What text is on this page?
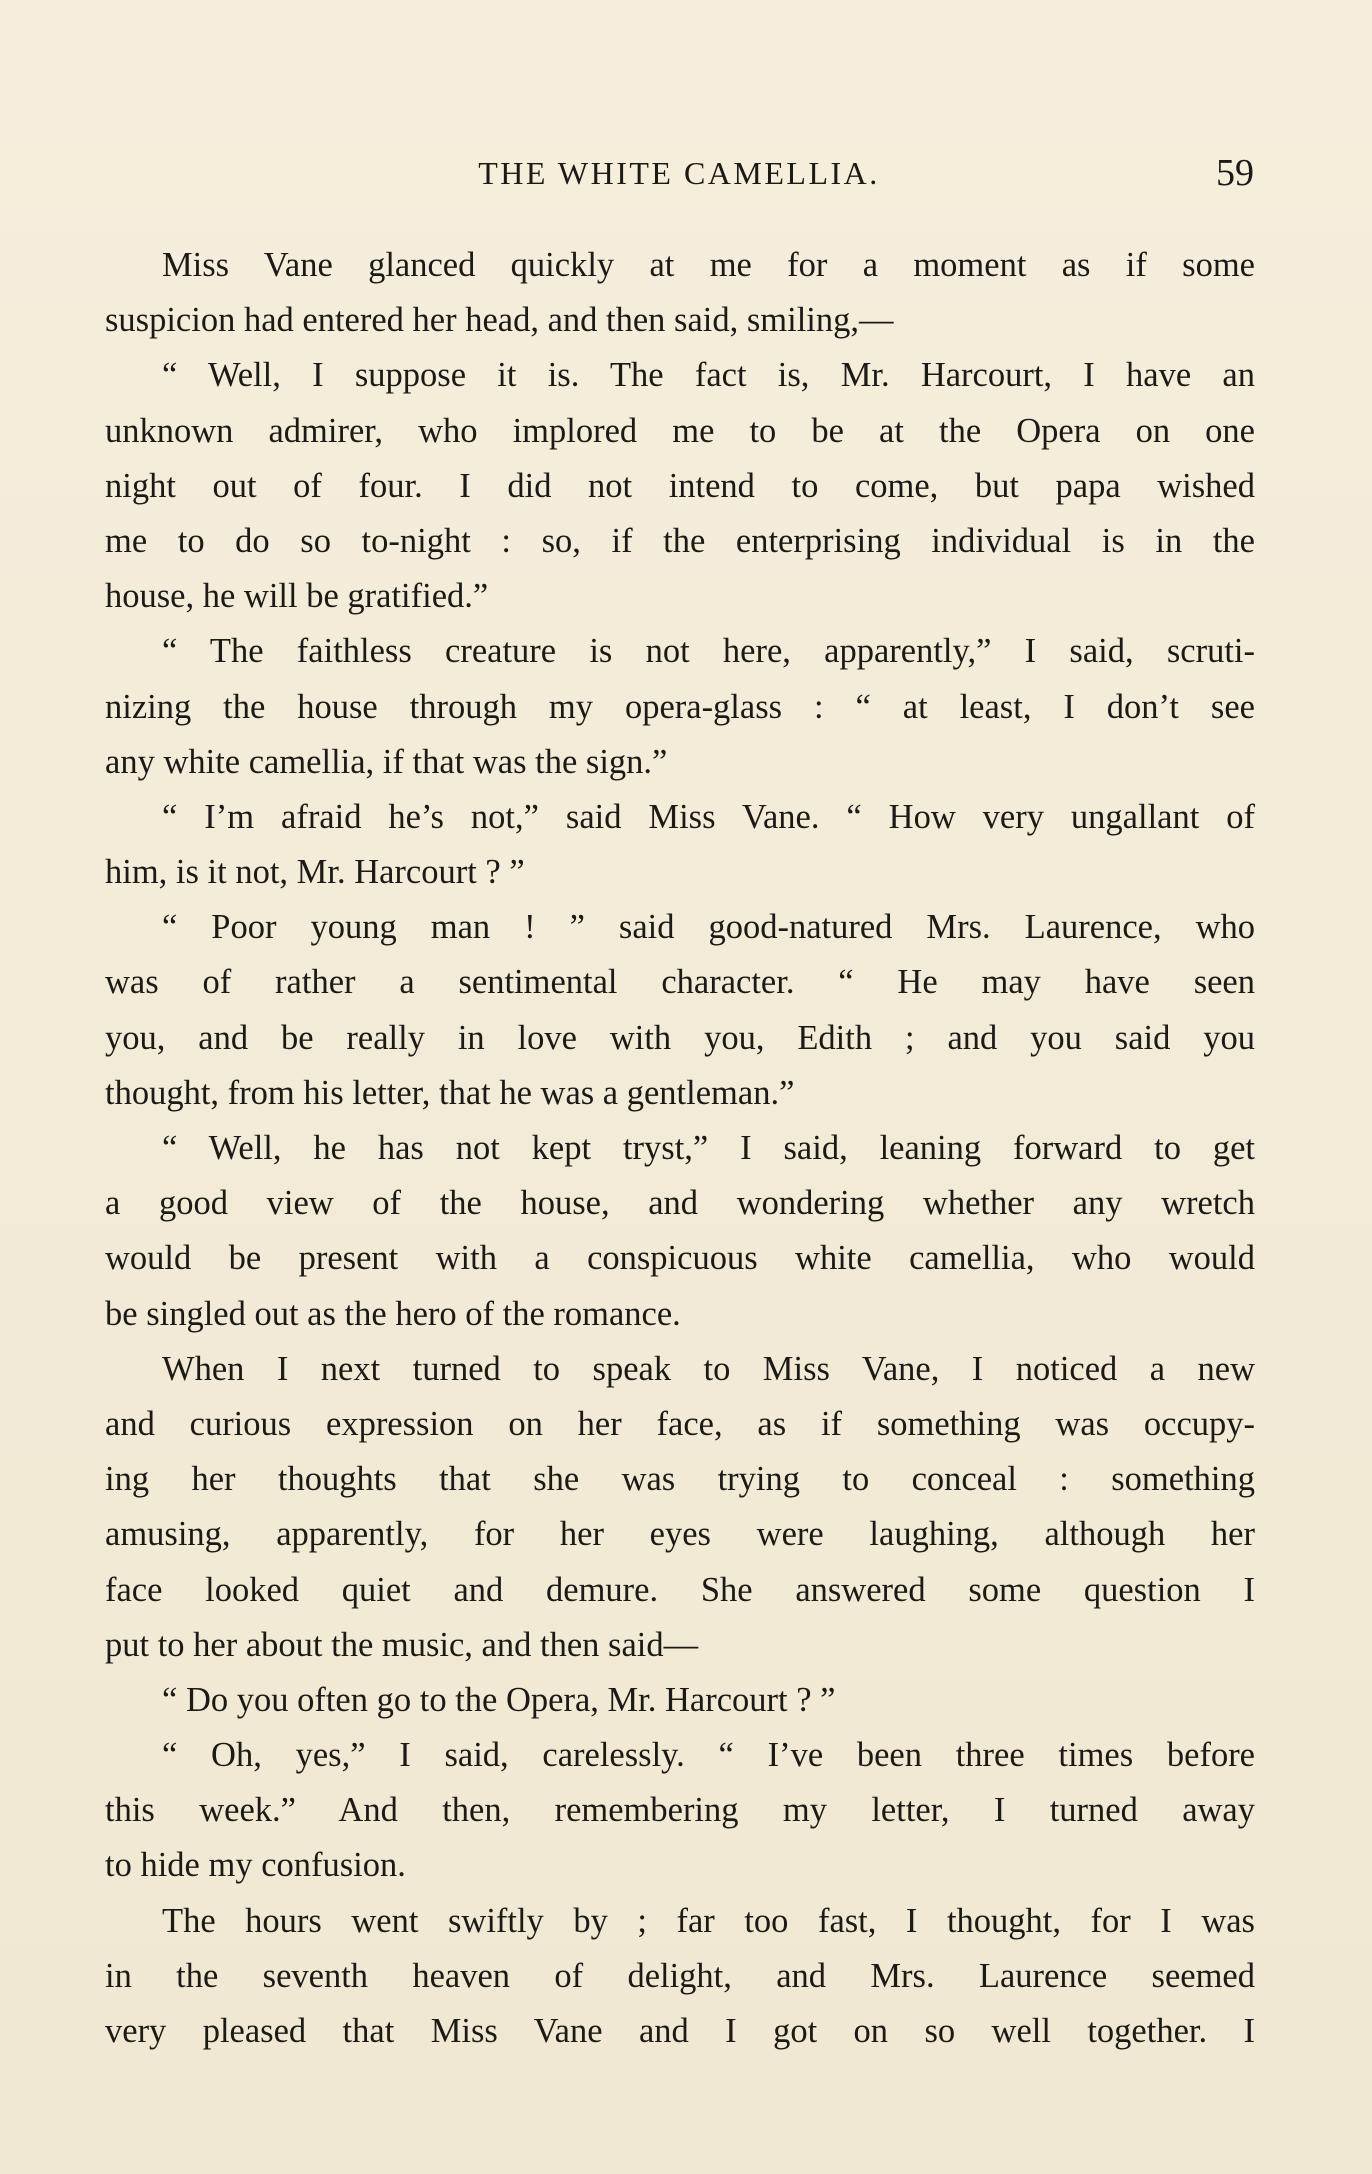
THE WHITE CAMELLIA.	59
Miss Vane glanced quickly at me for a moment as if some
suspicion had entered her head, and then said, smiling,—
“ Well, I suppose it is. The fact is, Mr. Harcourt, I have an
unknown admirer, who implored me to be at the Opera on one
night out of four. I did not intend to come, but papa wished
me to do so to-night : so, if the enterprising individual is in the
house, he will be gratified.”
“ The faithless creature is not here, apparently,” I said, scruti-
nizing the house through my opera-glass : “ at least, I don’t see
any white camellia, if that was the sign.”
“ I’m afraid he’s not,” said Miss Vane. “ How very ungallant of
him, is it not, Mr. Harcourt ? ”
“ Poor young man ! ” said good-natured Mrs. Laurence, who
was of rather a sentimental character. “ He may have seen
you, and be really in love with you, Edith ; and you said you
thought, from his letter, that he was a gentleman.”
“ Well, he has not kept tryst,” I said, leaning forward to get
a good view of the house, and wondering whether any wretch
would be present with a conspicuous white camellia, who would
be singled out as the hero of the romance.
When I next turned to speak to Miss Vane, I noticed a new
and curious expression on her face, as if something was occupy-
ing her thoughts that she was trying to conceal : something
amusing, apparently, for her eyes were laughing, although her
face looked quiet and demure. She answered some question I
put to her about the music, and then said—
“ Do you often go to the Opera, Mr. Harcourt ? ”
“ Oh, yes,” I said, carelessly. “ I’ve been three times before
this week.” And then, remembering my letter, I turned away
to hide my confusion.
The hours went swiftly by ; far too fast, I thought, for I was
in the seventh heaven of delight, and Mrs. Laurence seemed
very pleased that Miss Vane and I got on so well together. I
